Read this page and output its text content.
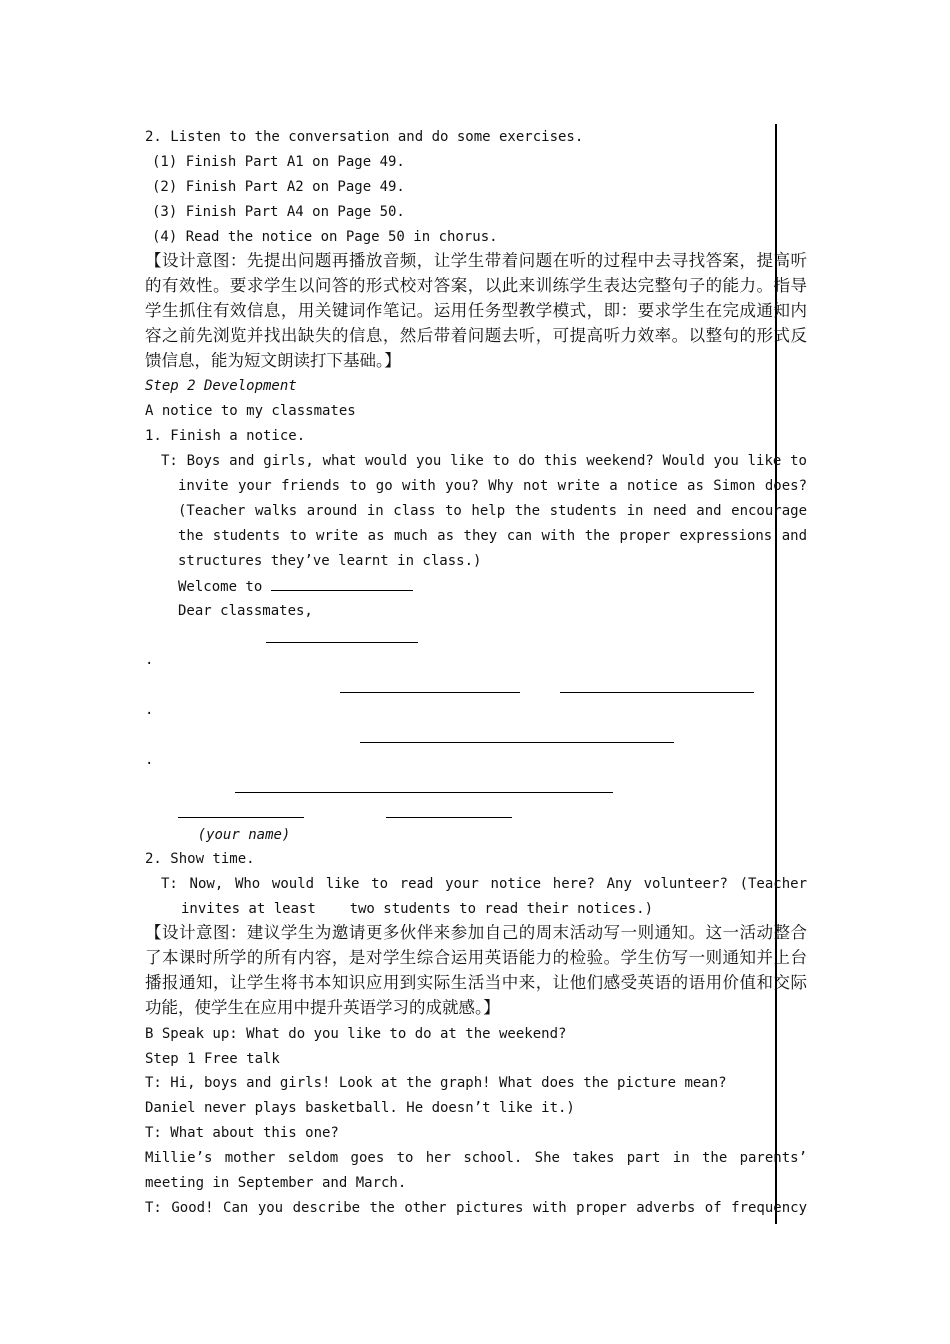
2. Listen to the conversation and do some exercises.
(1) Finish Part A1 on Page 49.
(2) Finish Part A2 on Page 49.
(3) Finish Part A4 on Page 50.
(4) Read the notice on Page 50 in chorus.
【设计意图：先提出问题再播放音频，让学生带着问题在听的过程中去寻找答案，提高听
的有效性。要求学生以问答的形式校对答案，以此来训练学生表达完整句子的能力。指导
学生抓住有效信息，用关键词作笔记。运用任务型教学模式，即：要求学生在完成通知内
容之前先浏览并找出缺失的信息，然后带着问题去听，可提高听力效率。以整句的形式反
馈信息，能为短文朗读打下基础。】
Step 2 Development
A notice to my classmates
1. Finish a notice.
T: Boys and girls, what would you like to do this weekend? Would you like to
invite your friends to go with you? Why not write a notice as Simon does?
(Teacher walks around in class to help the students in need and encourage
the students to write as much as they can with the proper expressions and
structures they’ve learnt in class.)
Welcome to
Dear classmates,

.

.

.

(your name)
2. Show time.
T: Now, Who would like to read your notice here? Any volunteer? (Teacher
invites at least    two students to read their notices.)
【设计意图：建议学生为邀请更多伙伴来参加自己的周末活动写一则通知。这一活动整合
了本课时所学的所有内容，是对学生综合运用英语能力的检验。学生仿写一则通知并上台
播报通知，让学生将书本知识应用到实际生活当中来，让他们感受英语的语用价值和交际
功能，使学生在应用中提升英语学习的成就感。】
B Speak up: What do you like to do at the weekend?
Step 1 Free talk
T: Hi, boys and girls! Look at the graph! What does the picture mean?
Daniel never plays basketball. He doesn’t like it.)
T: What about this one?
Millie’s mother seldom goes to her school. She takes part in the parents’
meeting in September and March.
T: Good! Can you describe the other pictures with proper adverbs of frequency
